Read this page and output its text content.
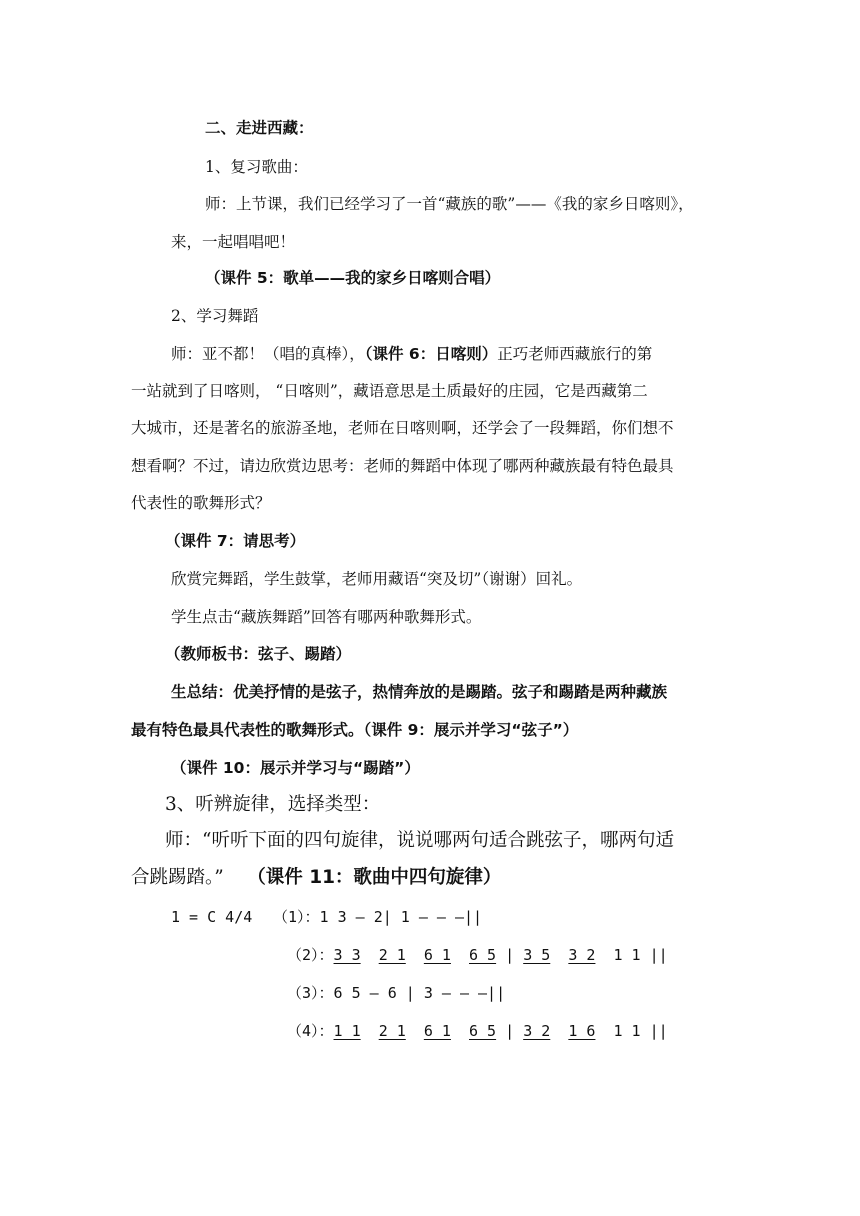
二、走进西藏：
1、复习歌曲：
师：上节课，我们已经学习了一首“藏族的歌”——《我的家乡日喀则》，
来，一起唱唱吧！
（课件 5：歌单——我的家乡日喀则合唱）
2、学习舞蹈
师：亚不都！（唱的真棒），（课件 6：日喀则）正巧老师西藏旅行的第
一站就到了日喀则， “日喀则”，藏语意思是土质最好的庄园，它是西藏第二
大城市，还是著名的旅游圣地，老师在日喀则啊，还学会了一段舞蹈，你们想不
想看啊？不过，请边欣赏边思考：老师的舞蹈中体现了哪两种藏族最有特色最具
代表性的歌舞形式？
（课件 7：请思考）
欣赏完舞蹈，学生鼓掌，老师用藏语“突及切”（谢谢）回礼。
学生点击“藏族舞蹈”回答有哪两种歌舞形式。
（教师板书：弦子、踢踏）
生总结：优美抒情的是弦子，热情奔放的是踢踏。弦子和踢踏是两种藏族
最有特色最具代表性的歌舞形式。（课件 9：展示并学习“弦子”）
（课件 10：展示并学习与“踢踏”）
3、听辨旋律，选择类型：
师：“听听下面的四句旋律，说说哪两句适合跳弦子，哪两句适
合跳踢踏。” （课件 11：歌曲中四句旋律）
1 = C 4/4 （1）：1 3 — 2| 1 — — —||
（2）：3 3 2 1 6 1 6 5 | 3 5 3 2 1 1 ||
（3）：6 5 — 6 | 3 — — —||
（4）：1 1 2 1 6 1 6 5 | 3 2 1 6 1 1 ||
